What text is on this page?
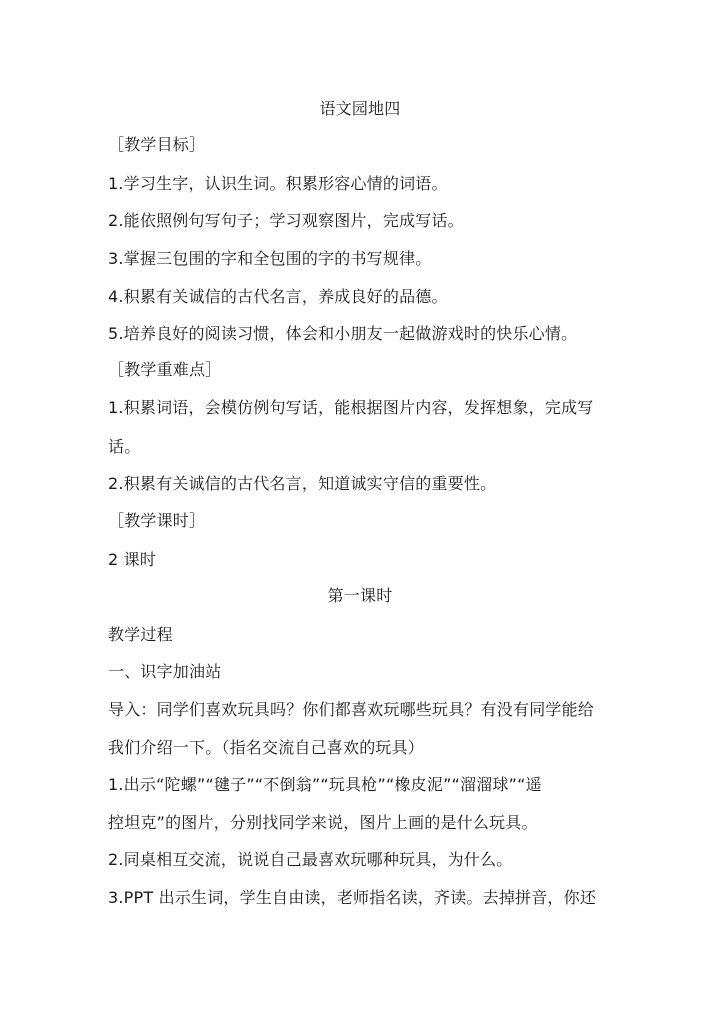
语文园地四
［教学目标］
1.学习生字，认识生词。积累形容心情的词语。
2.能依照例句写句子；学习观察图片，完成写话。
3.掌握三包围的字和全包围的字的书写规律。
4.积累有关诚信的古代名言，养成良好的品德。
5.培养良好的阅读习惯，体会和小朋友一起做游戏时的快乐心情。
［教学重难点］
1.积累词语，会模仿例句写话，能根据图片内容，发挥想象，完成写
话。
2.积累有关诚信的古代名言，知道诚实守信的重要性。
［教学课时］
2 课时
第一课时
教学过程
一、识字加油站
导入：同学们喜欢玩具吗？你们都喜欢玩哪些玩具？有没有同学能给
我们介绍一下。（指名交流自己喜欢的玩具）
1.出示“陀螺”“毽子”“不倒翁”“玩具枪”“橡皮泥”“溜溜球”“遥
控坦克”的图片，分别找同学来说，图片上画的是什么玩具。
2.同桌相互交流，说说自己最喜欢玩哪种玩具，为什么。
3.PPT 出示生词，学生自由读，老师指名读，齐读。去掉拼音，你还
